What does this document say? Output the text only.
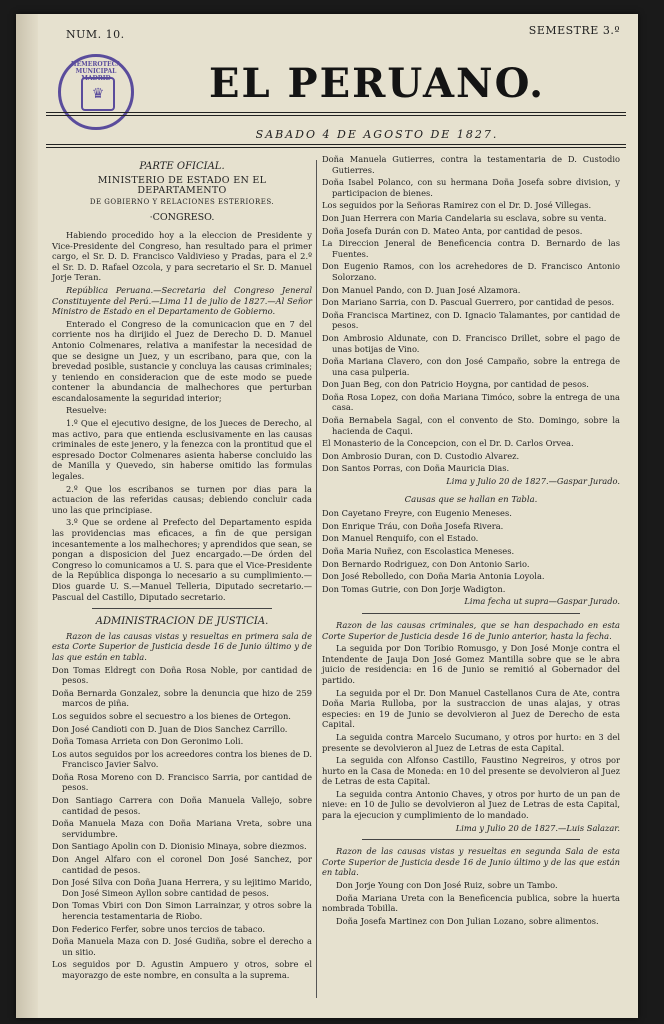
NUM. 10.	SEMESTRE 3.º
HEMEROTECA MUNICIPAL MADRID
♛	EL PERUANO.
SABADO 4 DE AGOSTO DE 1827.
PARTE OFICIAL.
MINISTERIO DE ESTADO EN EL DEPARTAMENTO
DE GOBIERNO Y RELACIONES ESTERIORES.
·CONGRESO.

Habiendo procedido hoy a la eleccion de Presidente y Vice-Presidente del Congreso, han resultado para el primer cargo, el Sr. D. D. Francisco Valdivieso y Pradas, para el 2.º el Sr. D. D. Rafael Ozcola, y para secretario el Sr. D. Manuel Jorje Teran.

República Peruana.—Secretaria del Congreso Jeneral Constituyente del Perú.—Lima 11 de julio de 1827.—Al Señor Ministro de Estado en el Departamento de Gobierno.

Enterado el Congreso de la comunicacion que en 7 del corriente nos ha dirijido el Juez de Derecho D. D. Manuel Antonio Colmenares, relativa a manifestar la necesidad de que se designe un Juez, y un escribano, para que, con la brevedad posible, sustancie y concluya las causas criminales; y teniendo en consideracion que de este modo se puede contener la abundancia de malhechores que perturban escandalosamente la seguridad interior;

Resuelve:

1.º Que el ejecutivo designe, de los Jueces de Derecho, al mas activo, para que entienda esclusivamente en las causas criminales de este jenero, y la fenezca con la prontitud que el espresado Doctor Colmenares asienta haberse concluido las de Manilla y Quevedo, sin haberse omitido las formulas legales.

2.º Que los escribanos se turnen por dias para la actuacion de las referidas causas; debiendo concluir cada uno las que principiase.

3.º Que se ordene al Prefecto del Departamento espida las providencias mas eficaces, a fin de que persigan incesantemente a los malhechores; y aprendidos que sean, se pongan a disposicion del Juez encargado.—De órden del Congreso lo comunicamos a U. S. para que el Vice-Presidente de la República disponga lo necesario a su cumplimiento.—Dios guarde U. S.—Manuel Telleria, Diputado secretario.—Pascual del Castillo, Diputado secretario.

ADMINISTRACION DE JUSTICIA.

Razon de las causas vistas y resueltas en primera sala de esta Corte Superior de Justicia desde 16 de Junio último y de las que están en tabla.

Don Tomas Eldregt con Doña Rosa Noble, por cantidad de pesos.

Doña Bernarda Gonzalez, sobre la denuncia que hizo de 259 marcos de piña.

Los seguidos sobre el secuestro a los bienes de Ortegon.

Don José Candioti con D. Juan de Dios Sanchez Carrillo.

Doña Tomasa Arrieta con Don Geronimo Loli.

Los autos seguidos por los acreedores contra los bienes de D. Francisco Javier Salvo.

Doña Rosa Moreno con D. Francisco Sarria, por cantidad de pesos.

Don Santiago Carrera con Doña Manuela Vallejo, sobre cantidad de pesos.

Doña Manuela Maza con Doña Mariana Vreta, sobre una servidumbre.

Don Santiago Apolin con D. Dionisio Minaya, sobre diezmos.

Don Angel Alfaro con el coronel Don José Sanchez, por cantidad de pesos.

Don José Silva con Doña Juana Herrera, y su lejitimo Marido, Don José Simeon Ayllon sobre cantidad de pesos.

Don Tomas Vbiri con Don Simon Larrainzar, y otros sobre la herencia testamentaria de Riobo.

Don Federico Ferfer, sobre unos tercios de tabaco.

Doña Manuela Maza con D. José Gudiña, sobre el derecho a un sitio.

Los seguidos por D. Agustin Ampuero y otros, sobre el mayorazgo de este nombre, en consulta a la suprema.

Doña Manuela Gutierres, contra la testamentaria de D. Custodio Gutierres.

Doña Isabel Polanco, con su hermana Doña Josefa sobre division, y participacion de bienes.

Los seguidos por la Señoras Ramirez con el Dr. D. José Villegas.

Don Juan Herrera con Maria Candelaria su esclava, sobre su venta.

Doña Josefa Durán con D. Mateo Anta, por cantidad de pesos.

La Direccion Jeneral de Beneficencia contra D. Bernardo de las Fuentes.

Don Eugenio Ramos, con los acrehedores de D. Francisco Antonio Solorzano.

Don Manuel Pando, con D. Juan José Alzamora.

Don Mariano Sarria, con D. Pascual Guerrero, por cantidad de pesos.

Doña Francisca Martinez, con D. Ignacio Talamantes, por cantidad de pesos.

Don Ambrosio Aldunate, con D. Francisco Drillet, sobre el pago de unas botijas de Vino.

Doña Mariana Clavero, con don José Campaño, sobre la entrega de una casa pulperia.

Don Juan Beg, con don Patricio Hoygna, por cantidad de pesos.

Doña Rosa Lopez, con doña Mariana Timóco, sobre la entrega de una casa.

Doña Bernabela Sagal, con el convento de Sto. Domingo, sobre la hacienda de Caqui.

El Monasterio de la Concepcion, con el Dr. D. Carlos Orvea.

Don Ambrosio Duran, con D. Custodio Alvarez.

Don Santos Porras, con Doña Mauricia Dias.

Lima y Julio 20 de 1827.—Gaspar Jurado.

Causas que se hallan en Tabla.

Don Cayetano Freyre, con Eugenio Meneses.

Don Enrique Tráu, con Doña Josefa Rivera.

Don Manuel Renquifo, con el Estado.

Doña Maria Nuñez, con Escolastica Meneses.

Don Bernardo Rodriguez, con Don Antonio Sario.

Don José Rebolledo, con Doña Maria Antonia Loyola.

Don Tomas Gutrie, con Don Jorje Wadigton.

Lima fecha ut supra—Gaspar Jurado.

Razon de las causas criminales, que se han despachado en esta Corte Superior de Justicia desde 16 de Junio anterior, hasta la fecha.

La seguida por Don Toribio Romusgo, y Don José Monje contra el Intendente de Jauja Don José Gomez Mantilla sobre que se le abra juicio de residencia: en 16 de Junio se remitió al Gobernador del partido.

La seguida por el Dr. Don Manuel Castellanos Cura de Ate, contra Doña Maria Rulloba, por la sustraccion de unas alajas, y otras especies: en 19 de Junio se devolvieron al Juez de Derecho de esta Capital.

La seguida contra Marcelo Sucumano, y otros por hurto: en 3 del presente se devolvieron al Juez de Letras de esta Capital.

La seguida con Alfonso Castillo, Faustino Negreiros, y otros por hurto en la Casa de Moneda: en 10 del presente se devolvieron al Juez de Letras de esta Capital.

La seguida contra Antonio Chaves, y otros por hurto de un pan de nieve: en 10 de Julio se devolvieron al Juez de Letras de esta Capital, para la ejecucion y cumplimiento de lo mandado.

Lima y Julio 20 de 1827.—Luis Salazar.

Razon de las causas vistas y resueltas en segunda Sala de esta Corte Superior de Justicia desde 16 de Junio último y de las que están en tabla.

Don Jorje Young con Don José Ruiz, sobre un Tambo.

Doña Mariana Ureta con la Beneficencia publica, sobre la huerta nombrada Tobilla.

Doña Josefa Martinez con Don Julian Lozano, sobre alimentos.
